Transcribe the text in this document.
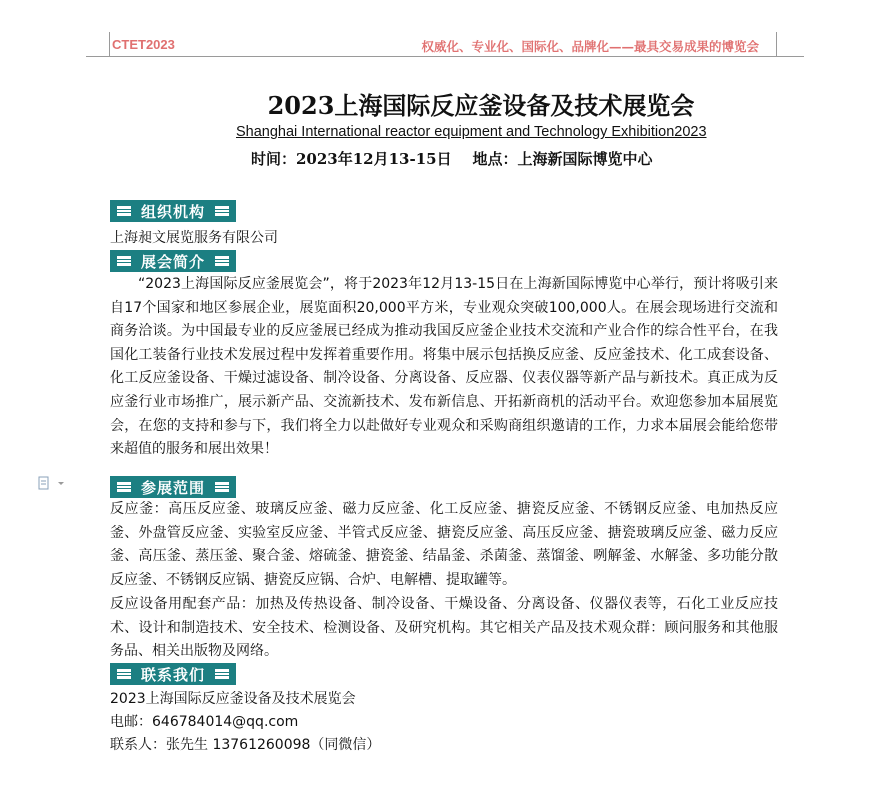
CTET2023	权威化、专业化、国际化、品牌化——最具交易成果的博览会
2023上海国际反应釜设备及技术展览会
Shanghai International reactor equipment and Technology Exhibition2023
时间：2023年12月13-15日    地点：上海新国际博览中心
组织机构
上海昶文展览服务有限公司
展会简介
“2023上海国际反应釜展览会”，将于2023年12月13-15日在上海新国际博览中心举行，预计将吸引来自17个国家和地区参展企业，展览面积20,000平方米，专业观众突破100,000人。在展会现场进行交流和商务洽谈。为中国最专业的反应釜展已经成为推动我国反应釜企业技术交流和产业合作的综合性平台，在我国化工装备行业技术发展过程中发挥着重要作用。将集中展示包括换反应釜、反应釜技术、化工成套设备、化工反应釜设备、干燥过滤设备、制冷设备、分离设备、反应器、仪表仪器等新产品与新技术。真正成为反应釜行业市场推广，展示新产品、交流新技术、发布新信息、开拓新商机的活动平台。欢迎您参加本届展览会，在您的支持和参与下，我们将全力以赴做好专业观众和采购商组织邀请的工作，力求本届展会能给您带来超值的服务和展出效果！
参展范围
反应釜：高压反应釜、玻璃反应釜、磁力反应釜、化工反应釜、搪瓷反应釜、不锈钢反应釜、电加热反应釜、外盘管反应釜、实验室反应釜、半管式反应釜、搪瓷反应釜、高压反应釜、搪瓷玻璃反应釜、磁力反应釜、高压釜、蒸压釜、聚合釜、熔硫釜、搪瓷釜、结晶釜、杀菌釜、蒸馏釜、咧解釜、水解釜、多功能分散反应釜、不锈钢反应锅、搪瓷反应锅、合炉、电解槽、提取罐等。
反应设备用配套产品：加热及传热设备、制冷设备、干燥设备、分离设备、仪器仪表等，石化工业反应技术、设计和制造技术、安全技术、检测设备、及研究机构。其它相关产品及技术观众群：顾问服务和其他服务品、相关出版物及网络。
联系我们
2023上海国际反应釜设备及技术展览会
电邮：646784014@qq.com
联系人：张先生 13761260098（同微信）
